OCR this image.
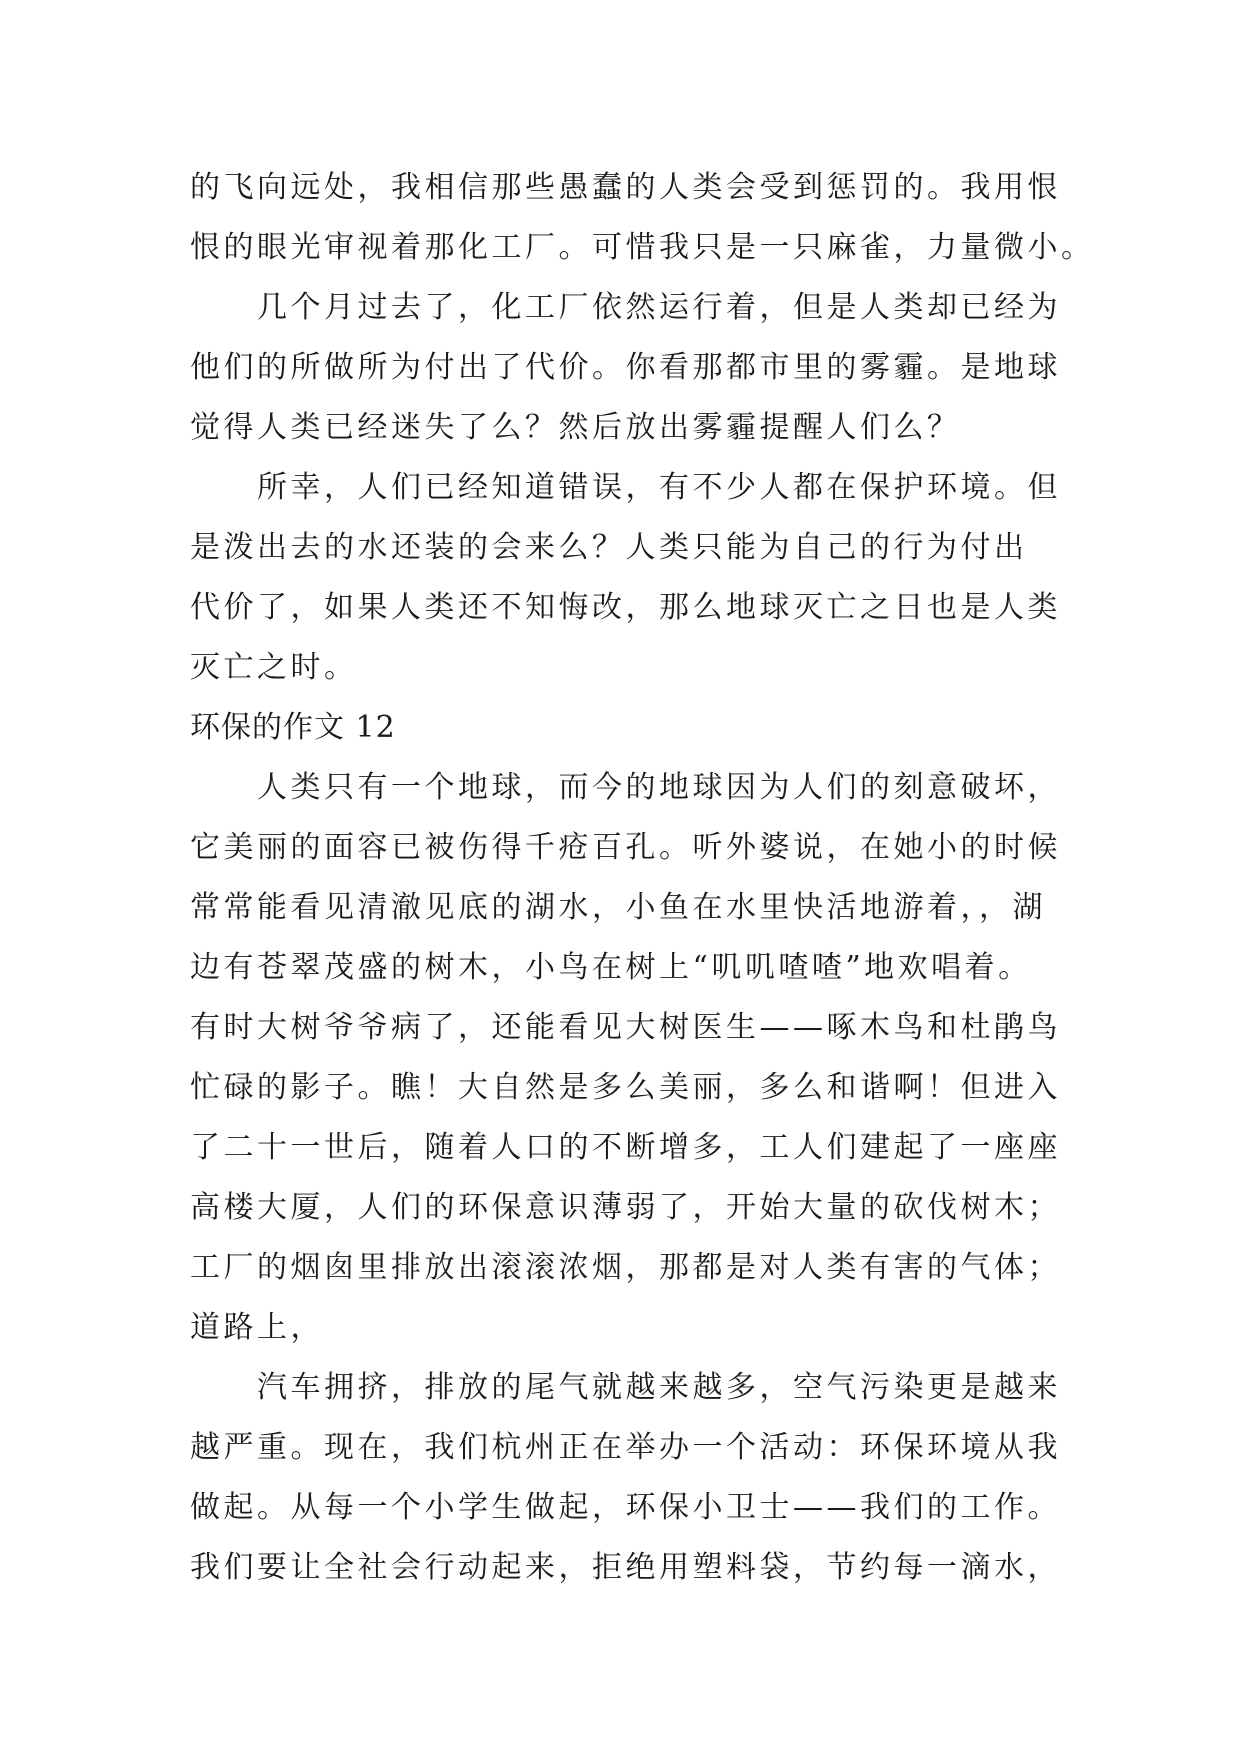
的飞向远处，我相信那些愚蠢的人类会受到惩罚的。我用恨
恨的眼光审视着那化工厂。可惜我只是一只麻雀，力量微小。
几个月过去了，化工厂依然运行着，但是人类却已经为
他们的所做所为付出了代价。你看那都市里的雾霾。是地球
觉得人类已经迷失了么？然后放出雾霾提醒人们么？
所幸，人们已经知道错误，有不少人都在保护环境。但
是泼出去的水还装的会来么？人类只能为自己的行为付出
代价了，如果人类还不知悔改，那么地球灭亡之日也是人类
灭亡之时。
环保的作文 12
人类只有一个地球，而今的地球因为人们的刻意破坏，
它美丽的面容已被伤得千疮百孔。听外婆说，在她小的时候
常常能看见清澈见底的湖水，小鱼在水里快活地游着，，湖
边有苍翠茂盛的树木，小鸟在树上“叽叽喳喳”地欢唱着。
有时大树爷爷病了，还能看见大树医生——啄木鸟和杜鹃鸟
忙碌的影子。瞧！大自然是多么美丽，多么和谐啊！但进入
了二十一世后，随着人口的不断增多，工人们建起了一座座
高楼大厦，人们的环保意识薄弱了，开始大量的砍伐树木；
工厂的烟囱里排放出滚滚浓烟，那都是对人类有害的气体；
道路上，
汽车拥挤，排放的尾气就越来越多，空气污染更是越来
越严重。现在，我们杭州正在举办一个活动：环保环境从我
做起。从每一个小学生做起，环保小卫士——我们的工作。
我们要让全社会行动起来，拒绝用塑料袋，节约每一滴水，
